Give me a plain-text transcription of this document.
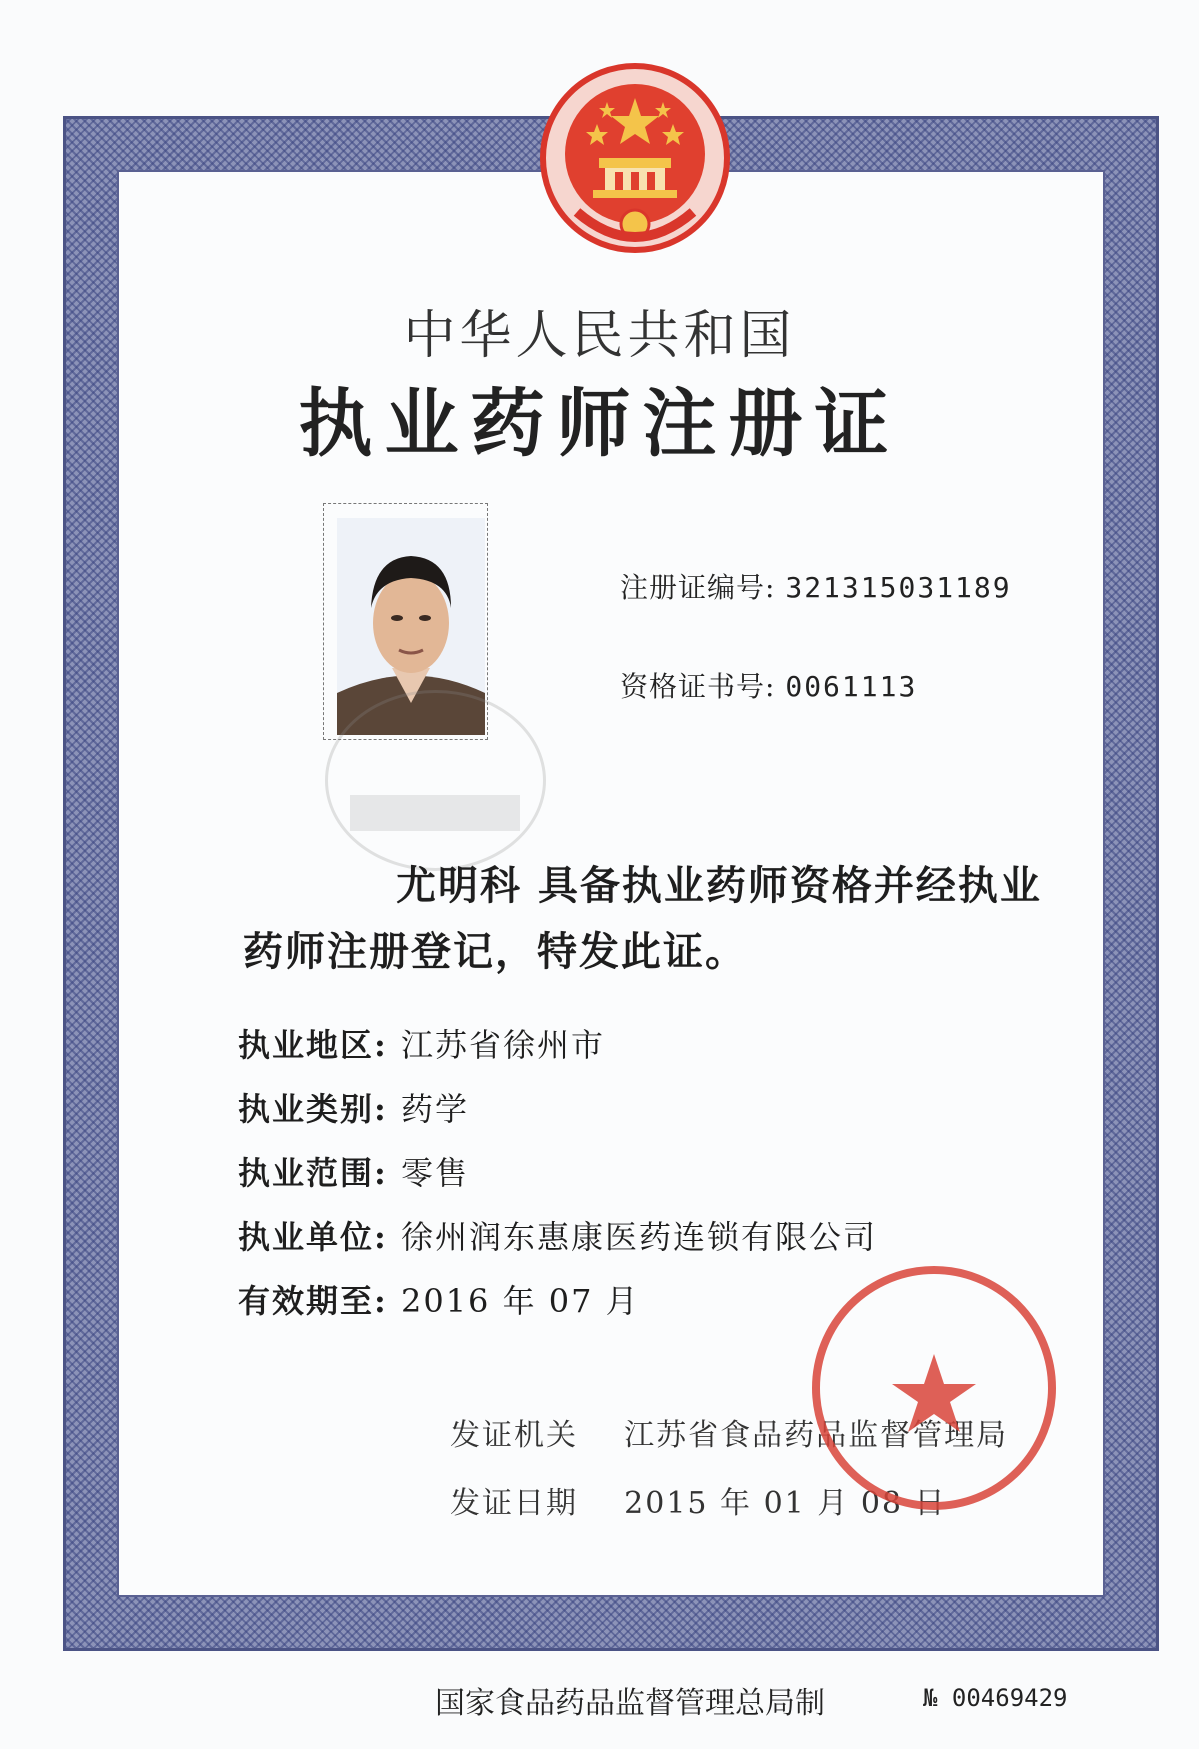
中华人民共和国
执业药师注册证
注册证编号: 321315031189
资格证书号: 0061113
尤明科 具备执业药师资格并经执业
药师注册登记，特发此证。
执业地区: 江苏省徐州市
执业类别: 药学
执业范围: 零售
执业单位: 徐州润东惠康医药连锁有限公司
有效期至: 2016 年 07 月
发证机关 江苏省食品药品监督管理局
发证日期 2015 年 01 月 08 日
国家食品药品监督管理总局制	№ 00469429
